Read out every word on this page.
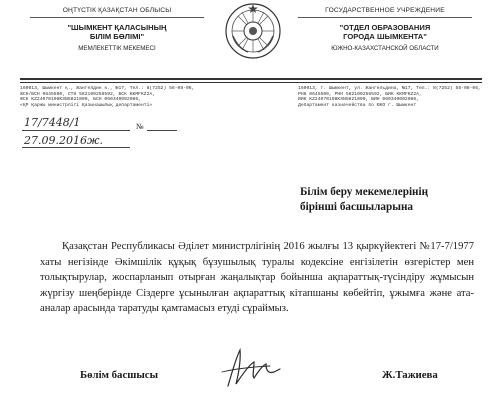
ОҢТҮСТІК ҚАЗАҚСТАН ОБЛЫСЫ
"ШЫМКЕНТ ҚАЛАСЫНЫҢ
БІЛІМ БӨЛІМІ"
МЕМЛЕКЕТТІК МЕКЕМЕСІ
ГОСУДАРСТВЕННОЕ УЧРЕЖДЕНИЕ
"ОТДЕЛ ОБРАЗОВАНИЯ
ГОРОДА ШЫМКЕНТА"
ЮЖНО-КАЗАХСТАНСКОЙ ОБЛАСТИ
160013, Шымкент қ., Жангелдин к., №17, Тел.: 8(7252) 56-08-06,
ЖСН/БСН 0645500, СТН 582100256592, БСК KKMFKZ2A,
ЖСК KZ24070108KSN5821000, БСН 060340002086,
«ҚР Қаржы министрлігі Қазынашылық департаменті»
160013, г. Шымкент, ул. Жангельдина, №17, Тел.: 8(7252) 56-08-06,
РНН 0645500, РНН 582100256592, БИК KKMFKZ2A,
ИИК KZ24070108KSN5821000, БИН 060340002086,
Департамент казначейства по ЮКО г. Шымкент
17/7448/1	№
27.09.2016ж.
Білім беру мекемелерінің
бірінші басшыларына
Қазақстан Республикасы Әділет министрлігінің 2016 жылғы 13 қыркүйектегі №17-7/1977 хаты негізінде Әкімшілік құқық бұзушылық туралы кодексіне енгізілетін өзгерістер мен толықтырулар, жоспарланып отырған жаңалықтар бойынша ақпараттық-түсіндіру жұмысын жүргізу шеңберінде Сіздерге ұсынылған ақпараттық кітапшаны көбейтіп, ұжымға және ата-аналар арасында таратуды қамтамасыз етуді сұраймыз.
Бөлім басшысы	Ж.Тажиева
